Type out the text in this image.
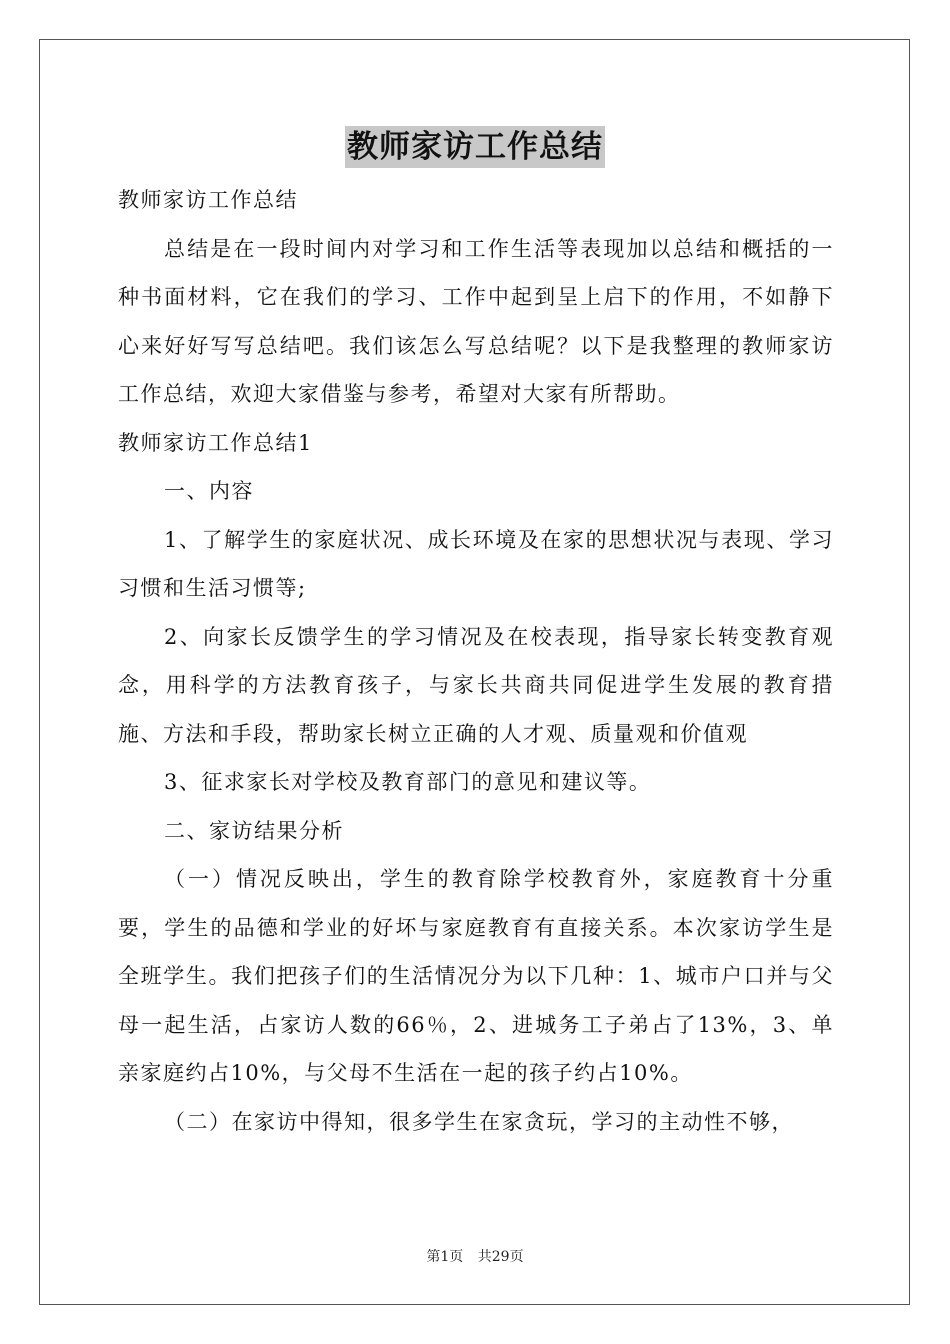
教师家访工作总结

教师家访工作总结

总结是在一段时间内对学习和工作生活等表现加以总结和概括的一种书面材料，它在我们的学习、工作中起到呈上启下的作用，不如静下心来好好写写总结吧。我们该怎么写总结呢？以下是我整理的教师家访工作总结，欢迎大家借鉴与参考，希望对大家有所帮助。

教师家访工作总结1

一、内容

1、了解学生的家庭状况、成长环境及在家的思想状况与表现、学习习惯和生活习惯等;

2、向家长反馈学生的学习情况及在校表现，指导家长转变教育观念，用科学的方法教育孩子，与家长共商共同促进学生发展的教育措施、方法和手段，帮助家长树立正确的人才观、质量观和价值观

3、征求家长对学校及教育部门的意见和建议等。

二、家访结果分析

（一）情况反映出，学生的教育除学校教育外，家庭教育十分重要，学生的品德和学业的好坏与家庭教育有直接关系。本次家访学生是全班学生。我们把孩子们的生活情况分为以下几种：1、城市户口并与父母一起生活，占家访人数的66％，2、进城务工子弟占了13%，3、单亲家庭约占10%，与父母不生活在一起的孩子约占10%。

（二）在家访中得知，很多学生在家贪玩，学习的主动性不够，

第1页 共29页
